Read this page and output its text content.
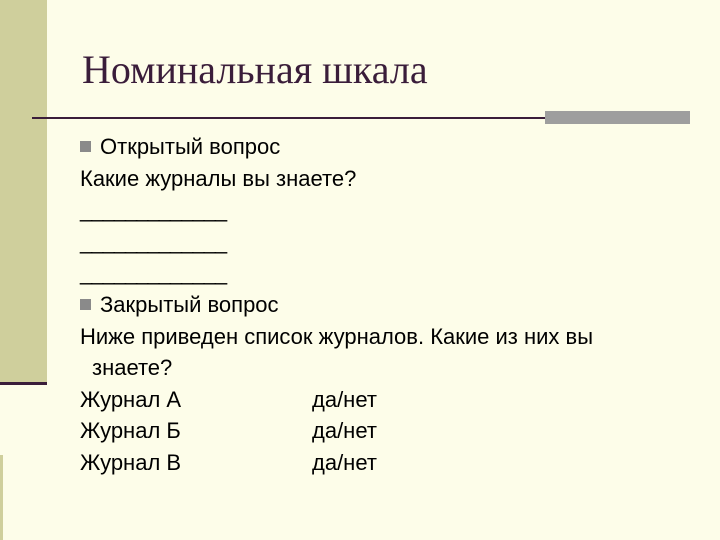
Номинальная шкала
Открытый вопрос
Какие журналы вы знаете?
_____________
_____________
_____________
Закрытый вопрос
Ниже приведен список журналов. Какие из них вы
знаете?
Журнал А	да/нет
Журнал Б	да/нет
Журнал В	да/нет
